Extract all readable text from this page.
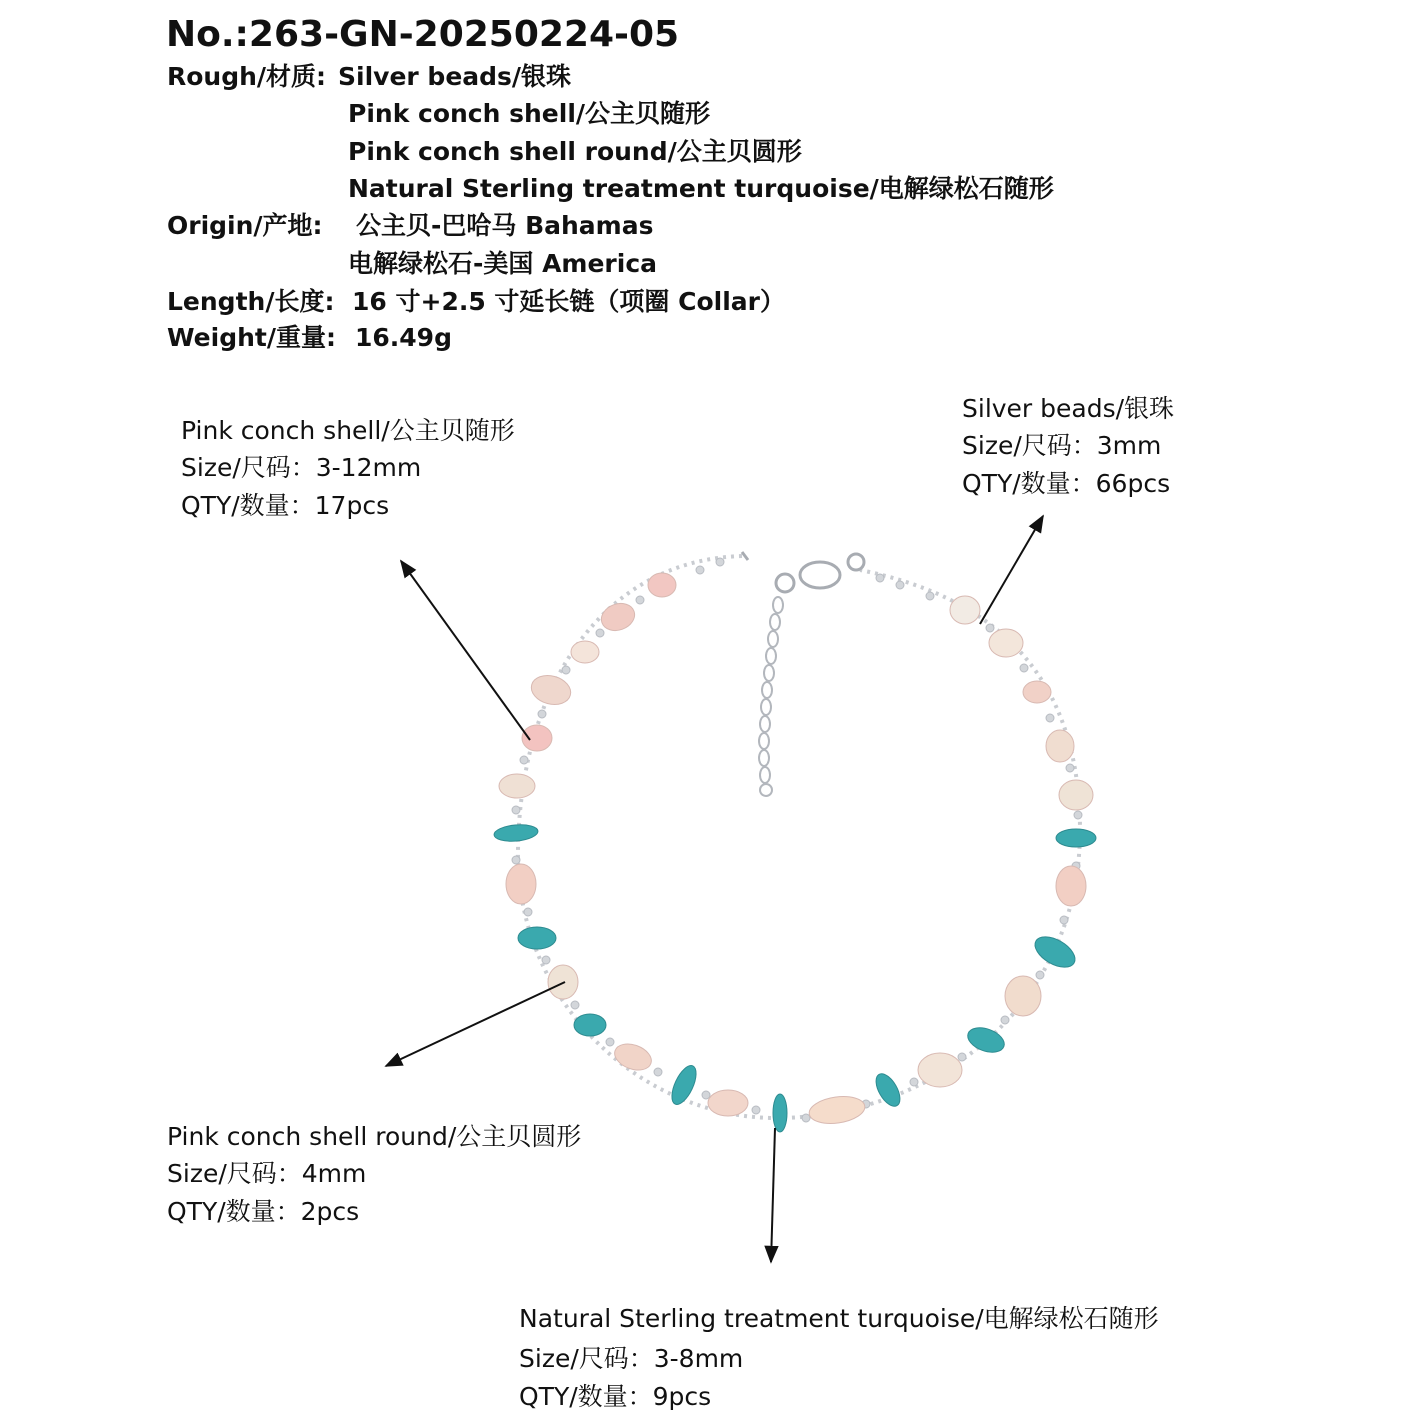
No.:263-GN-20250224-05
Rough/材质: Silver beads/银珠
Pink conch shell/公主贝随形
Pink conch shell round/公主贝圆形
Natural Sterling treatment turquoise/电解绿松石随形
Origin/产地: 公主贝-巴哈马 Bahamas
电解绿松石-美国 America
Length/长度: 16 寸+2.5 寸延长链（项圈 Collar）
Weight/重量: 16.49g
Pink conch shell/公主贝随形
Size/尺码：3-12mm
QTY/数量：17pcs
Silver beads/银珠
Size/尺码：3mm
QTY/数量：66pcs
Pink conch shell round/公主贝圆形
Size/尺码：4mm
QTY/数量：2pcs
Natural Sterling treatment turquoise/电解绿松石随形
Size/尺码：3-8mm
QTY/数量：9pcs
